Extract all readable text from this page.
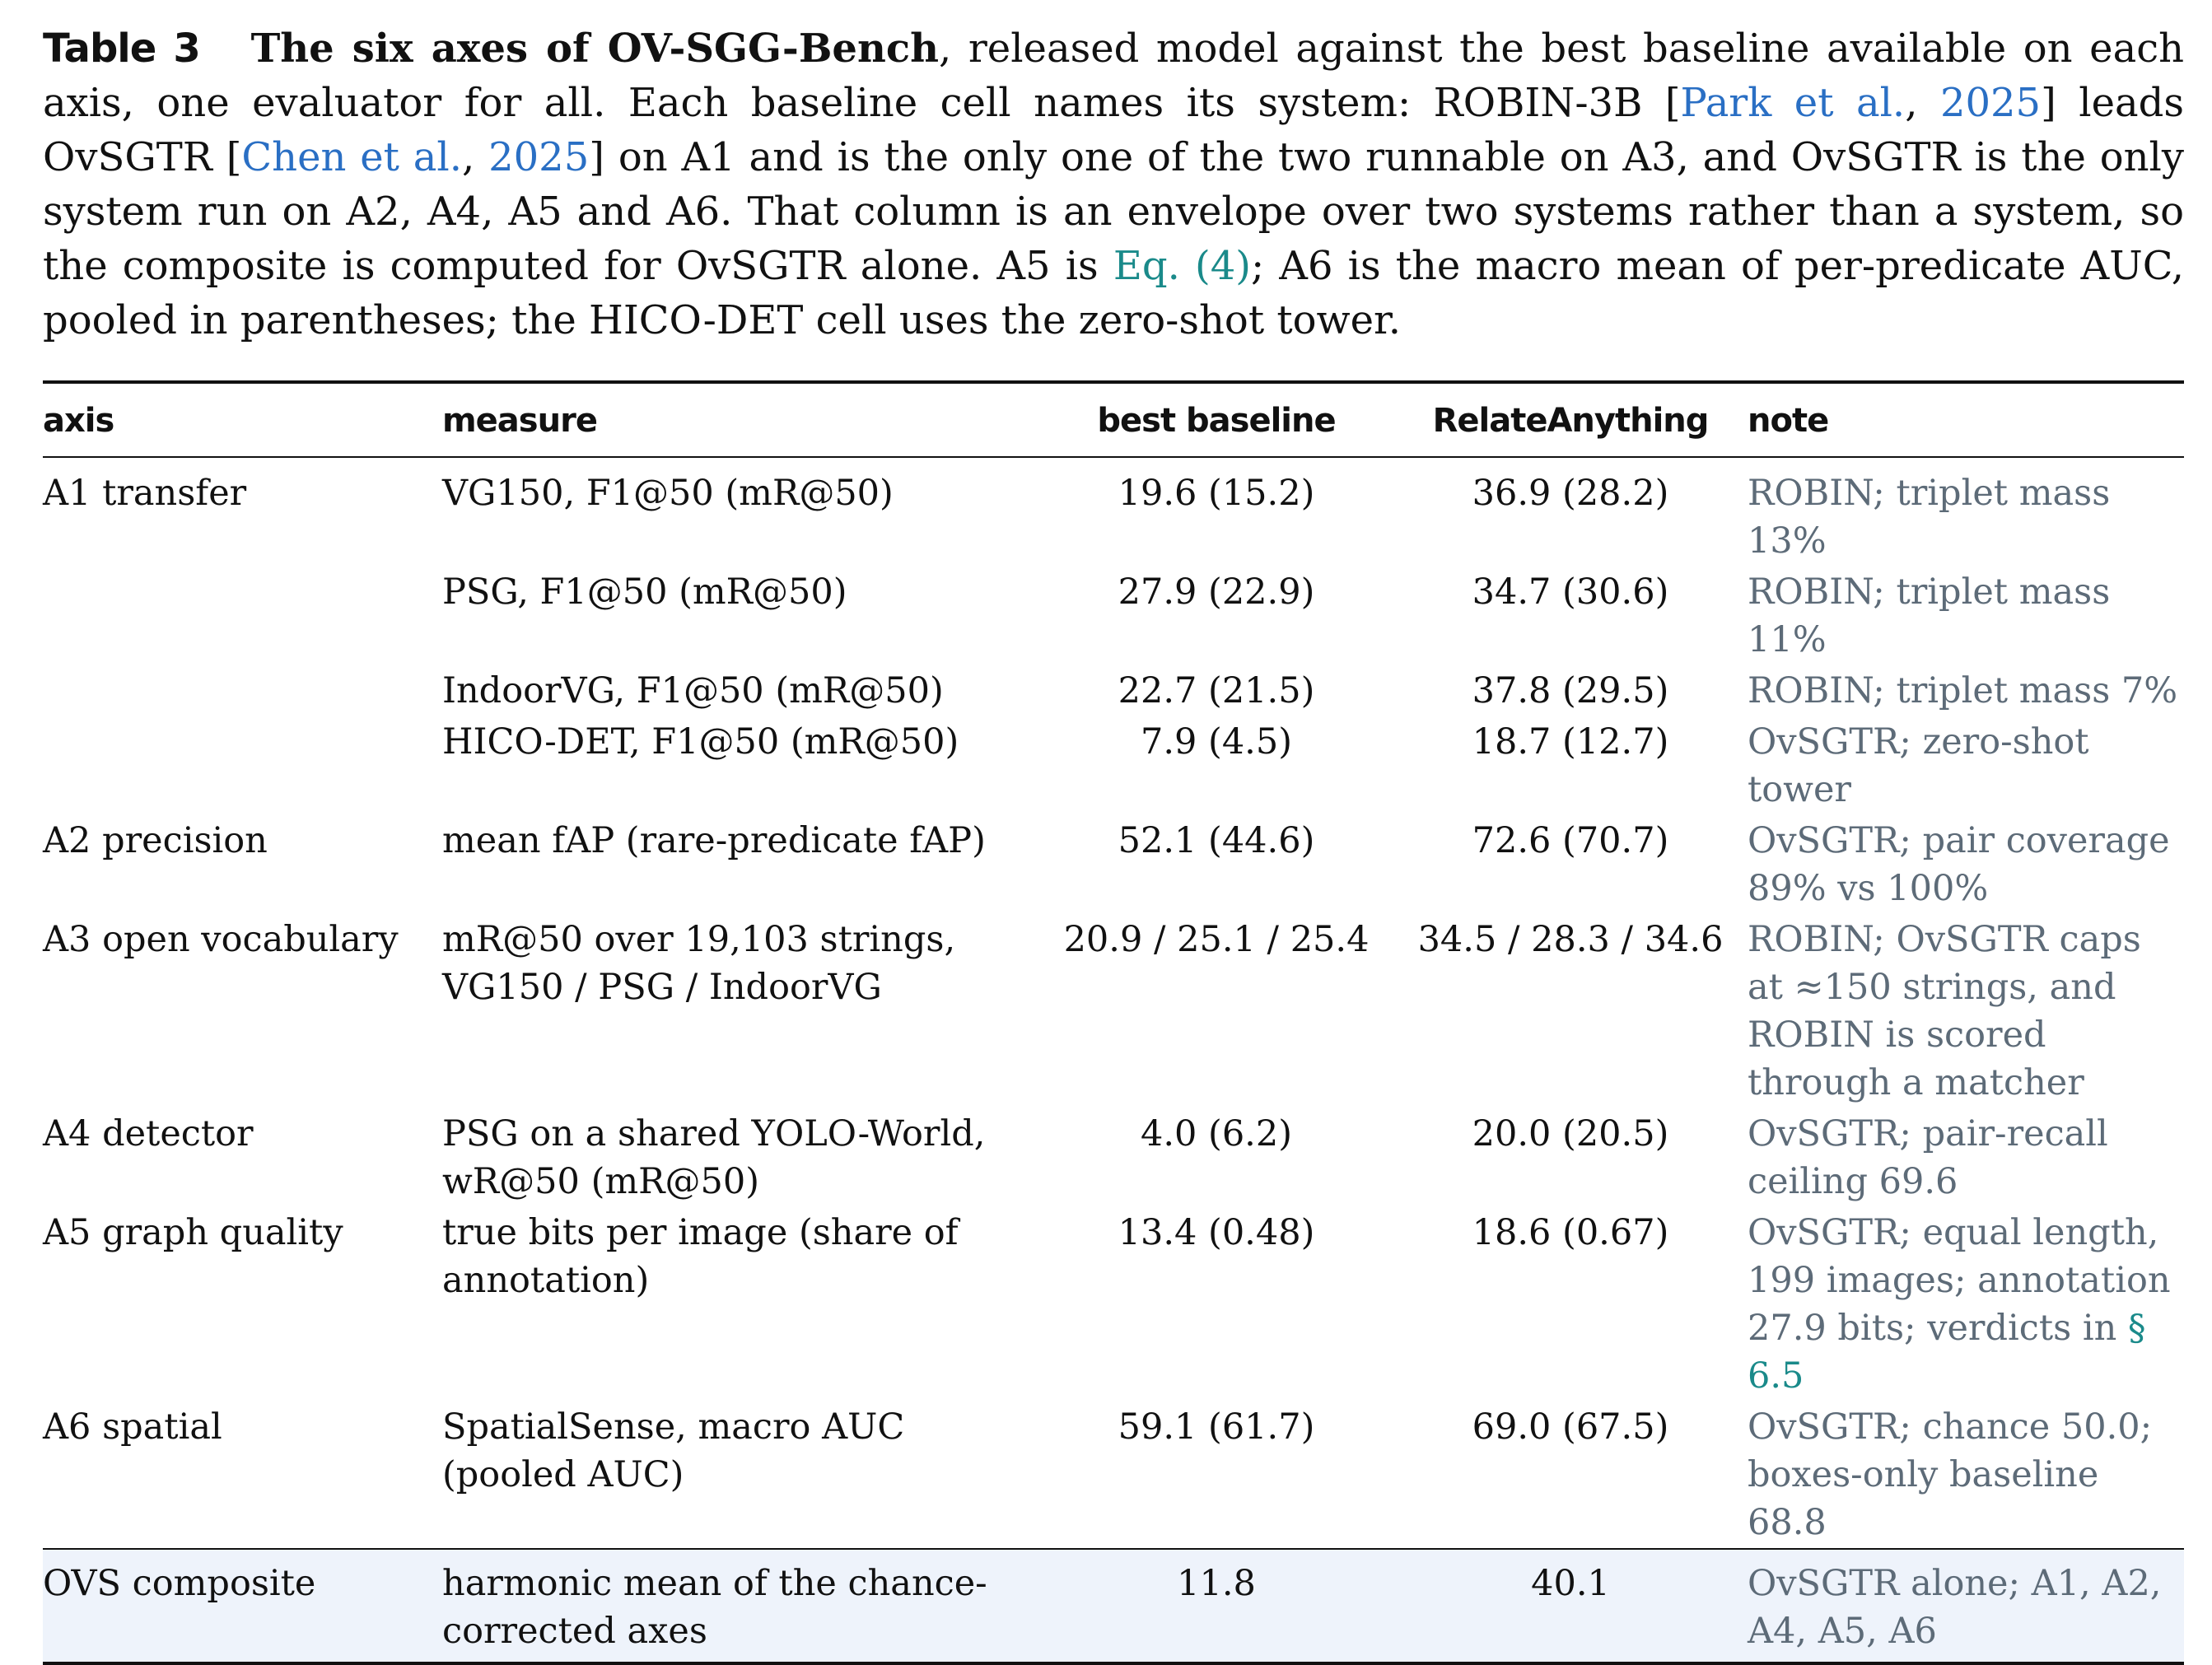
Table 3 The six axes of OV-SGG-Bench, released model against the best baseline available on each axis, one evaluator for all. Each baseline cell names its system: ROBIN-3B [Park et al., 2025] leads OvSGTR [Chen et al., 2025] on A1 and is the only one of the two runnable on A3, and OvSGTR is the only system run on A2, A4, A5 and A6. That column is an envelope over two systems rather than a system, so the composite is computed for OvSGTR alone. A5 is Eq. (4); A6 is the macro mean of per-predicate AUC, pooled in parentheses; the HICO-DET cell uses the zero-shot tower.

axis	measure	best baseline	RelateAnything	note
A1 transfer	VG150, F1@50 (mR@50)	19.6 (15.2)	36.9 (28.2)	ROBIN; triplet mass 13%
	PSG, F1@50 (mR@50)	27.9 (22.9)	34.7 (30.6)	ROBIN; triplet mass 11%
	IndoorVG, F1@50 (mR@50)	22.7 (21.5)	37.8 (29.5)	ROBIN; triplet mass 7%
	HICO-DET, F1@50 (mR@50)	7.9 (4.5)	18.7 (12.7)	OvSGTR; zero-shot tower
A2 precision	mean fAP (rare-predicate fAP)	52.1 (44.6)	72.6 (70.7)	OvSGTR; pair coverage 89% vs 100%
A3 open vocabulary	mR@50 over 19,103 strings, VG150 / PSG / IndoorVG	20.9 / 25.1 / 25.4	34.5 / 28.3 / 34.6	ROBIN; OvSGTR caps at ≈150 strings, and ROBIN is scored through a matcher
A4 detector	PSG on a shared YOLO-World, wR@50 (mR@50)	4.0 (6.2)	20.0 (20.5)	OvSGTR; pair-recall ceiling 69.6
A5 graph quality	true bits per image (share of annotation)	13.4 (0.48)	18.6 (0.67)	OvSGTR; equal length, 199 images; annotation 27.9 bits; verdicts in § 6.5
A6 spatial	SpatialSense, macro AUC (pooled AUC)	59.1 (61.7)	69.0 (67.5)	OvSGTR; chance 50.0; boxes-only baseline 68.8
OVS composite	harmonic mean of the chance-corrected axes	11.8	40.1	OvSGTR alone; A1, A2, A4, A5, A6
